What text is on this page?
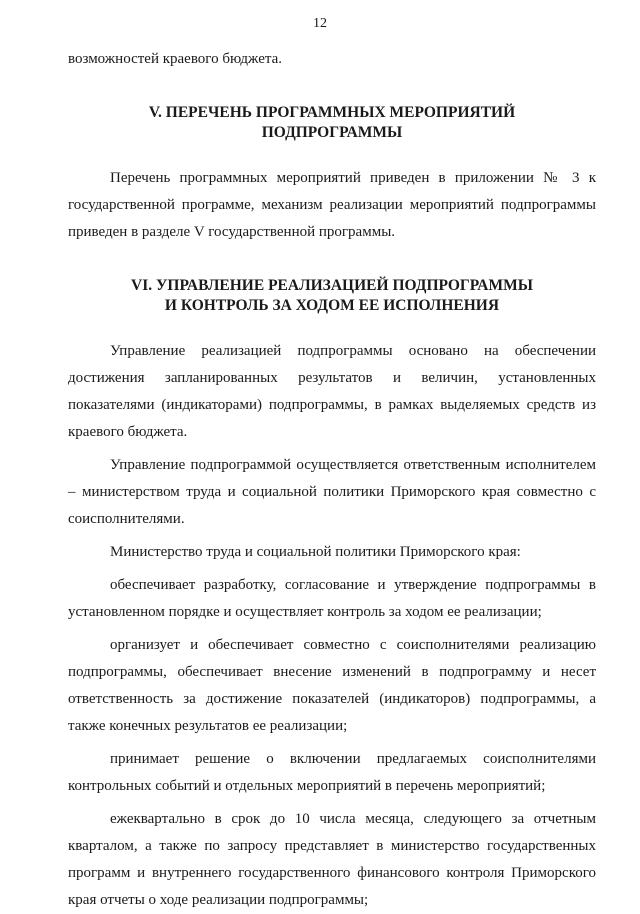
12

возможностей краевого бюджета.

V. ПЕРЕЧЕНЬ ПРОГРАММНЫХ МЕРОПРИЯТИЙ
ПОДПРОГРАММЫ

Перечень программных мероприятий приведен в приложении № 3 к государственной программе, механизм реализации мероприятий подпрограммы приведен в разделе V государственной программы.

VI. УПРАВЛЕНИЕ РЕАЛИЗАЦИЕЙ ПОДПРОГРАММЫ
И КОНТРОЛЬ ЗА ХОДОМ ЕЕ ИСПОЛНЕНИЯ

Управление реализацией подпрограммы основано на обеспечении достижения запланированных результатов и величин, установленных показателями (индикаторами) подпрограммы, в рамках выделяемых средств из краевого бюджета.

Управление подпрограммой осуществляется ответственным исполнителем – министерством труда и социальной политики Приморского края совместно с соисполнителями.

Министерство труда и социальной политики Приморского края:

обеспечивает разработку, согласование и утверждение подпрограммы в установленном порядке и осуществляет контроль за ходом ее реализации;

организует и обеспечивает совместно с соисполнителями реализацию подпрограммы, обеспечивает внесение изменений в подпрограмму и несет ответственность за достижение показателей (индикаторов) подпрограммы, а также конечных результатов ее реализации;

принимает решение о включении предлагаемых соисполнителями контрольных событий и отдельных мероприятий в перечень мероприятий;

ежеквартально в срок до 10 числа месяца, следующего за отчетным кварталом, а также по запросу представляет в министерство государственных программ и внутреннего государственного финансового контроля Приморского края отчеты о ходе реализации подпрограммы;
